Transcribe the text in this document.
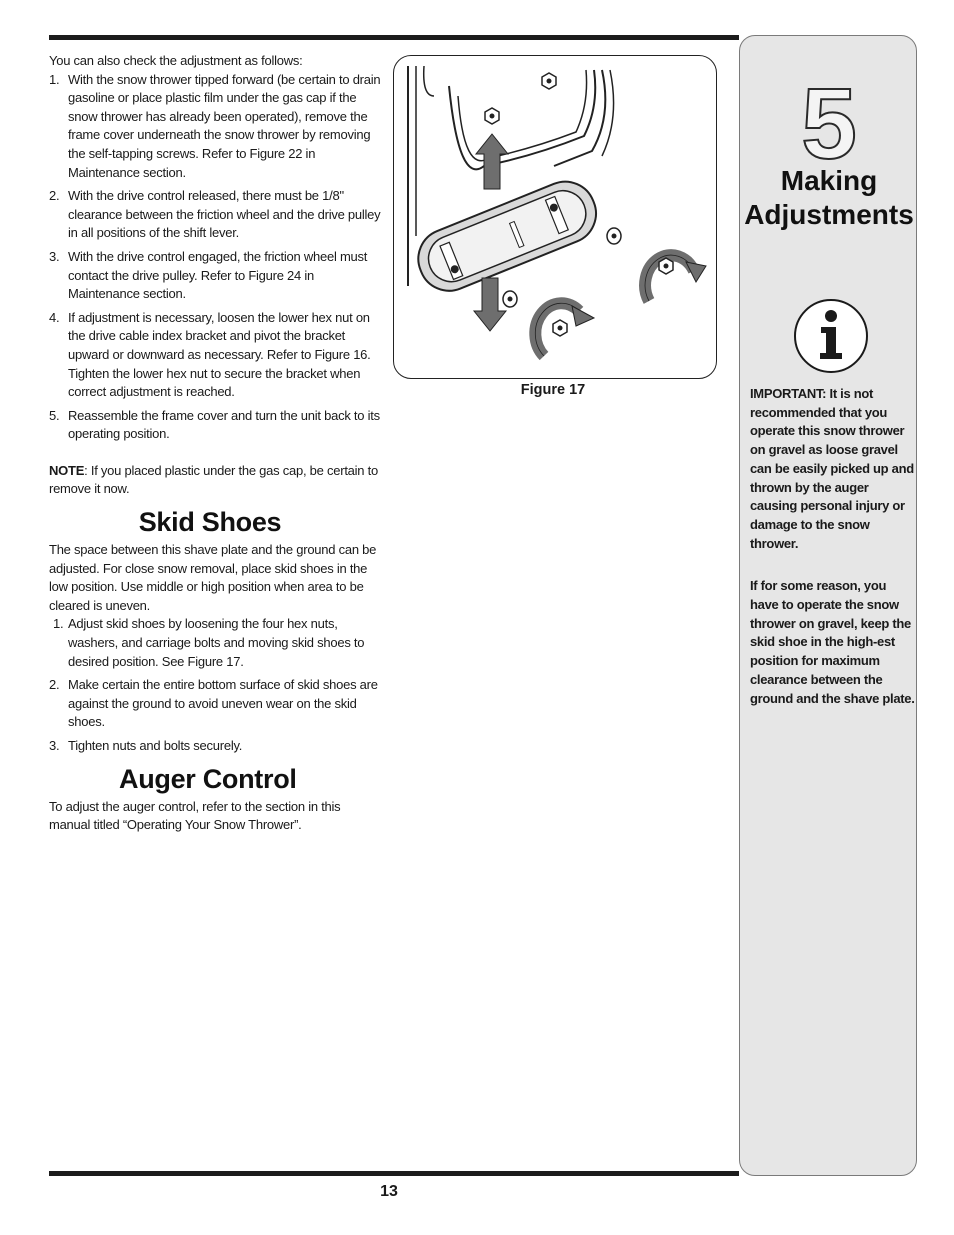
You can also check the adjustment as follows:

1. With the snow thrower tipped forward (be certain to drain gasoline or place plastic film under the gas cap if the snow thrower has already been operated), remove the frame cover underneath the snow thrower by removing the self-tapping screws. Refer to Figure 22 in Maintenance section.
2. With the drive control released, there must be 1/8" clearance between the friction wheel and the drive pulley in all positions of the shift lever.
3. With the drive control engaged, the friction wheel must contact the drive pulley. Refer to Figure 24 in Maintenance section.
4. If adjustment is necessary, loosen the lower hex nut on the drive cable index bracket and pivot the bracket upward or downward as necessary. Refer to Figure 16. Tighten the lower hex nut to secure the bracket when correct adjustment is reached.
5. Reassemble the frame cover and turn the unit back to its operating position.

NOTE: If you placed plastic under the gas cap, be certain to remove it now.

Skid Shoes

The space between this shave plate and the ground can be adjusted. For close snow removal, place skid shoes in the low position. Use middle or high position when area to be cleared is uneven.

1. Adjust skid shoes by loosening the four hex nuts, washers, and carriage bolts and moving skid shoes to desired position. See Figure 17.
2. Make certain the entire bottom surface of skid shoes are against the ground to avoid uneven wear on the skid shoes.
3. Tighten nuts and bolts securely.
Auger Control

To adjust the auger control, refer to the section in this manual titled “Operating Your Snow Thrower”.

Figure 17
5
Making
Adjustments

IMPORTANT: It is not recommended that you operate this snow thrower on gravel as loose gravel can be easily picked up and thrown by the auger causing personal injury or damage to the snow thrower.

If for some reason, you have to operate the snow thrower on gravel, keep the skid shoe in the high-est position for maximum clearance between the ground and the shave plate.

13
